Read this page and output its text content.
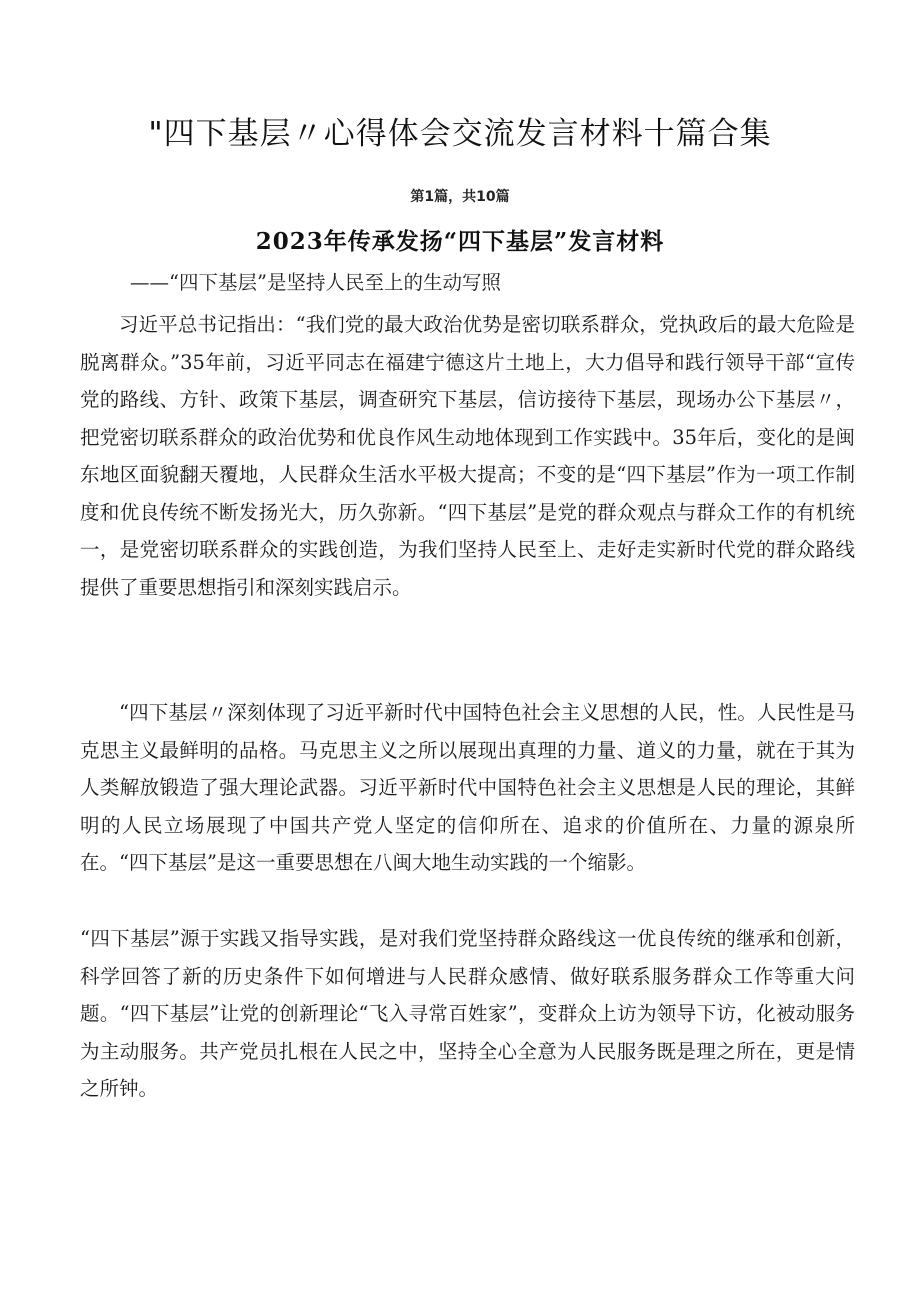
"四下基层〃心得体会交流发言材料十篇合集
第1篇，共10篇
2023年传承发扬“四下基层”发言材料
——“四下基层”是坚持人民至上的生动写照

习近平总书记指出：“我们党的最大政治优势是密切联系群众，党执政后的最大危险是脱离群众。”35年前，习近平同志在福建宁德这片土地上，大力倡导和践行领导干部“宣传党的路线、方针、政策下基层，调查研究下基层，信访接待下基层，现场办公下基层〃，把党密切联系群众的政治优势和优良作风生动地体现到工作实践中。35年后，变化的是闽东地区面貌翻天覆地，人民群众生活水平极大提高；不变的是“四下基层”作为一项工作制度和优良传统不断发扬光大，历久弥新。“四下基层”是党的群众观点与群众工作的有机统一，是党密切联系群众的实践创造，为我们坚持人民至上、走好走实新时代党的群众路线提供了重要思想指引和深刻实践启示。

“四下基层〃深刻体现了习近平新时代中国特色社会主义思想的人民，性。人民性是马克思主义最鲜明的品格。马克思主义之所以展现出真理的力量、道义的力量，就在于其为人类解放锻造了强大理论武器。习近平新时代中国特色社会主义思想是人民的理论，其鲜明的人民立场展现了中国共产党人坚定的信仰所在、追求的价值所在、力量的源泉所在。“四下基层”是这一重要思想在八闽大地生动实践的一个缩影。

“四下基层”源于实践又指导实践，是对我们党坚持群众路线这一优良传统的继承和创新，科学回答了新的历史条件下如何增进与人民群众感情、做好联系服务群众工作等重大问题。“四下基层”让党的创新理论“飞入寻常百姓家”，变群众上访为领导下访，化被动服务为主动服务。共产党员扎根在人民之中，坚持全心全意为人民服务既是理之所在，更是情之所钟。
